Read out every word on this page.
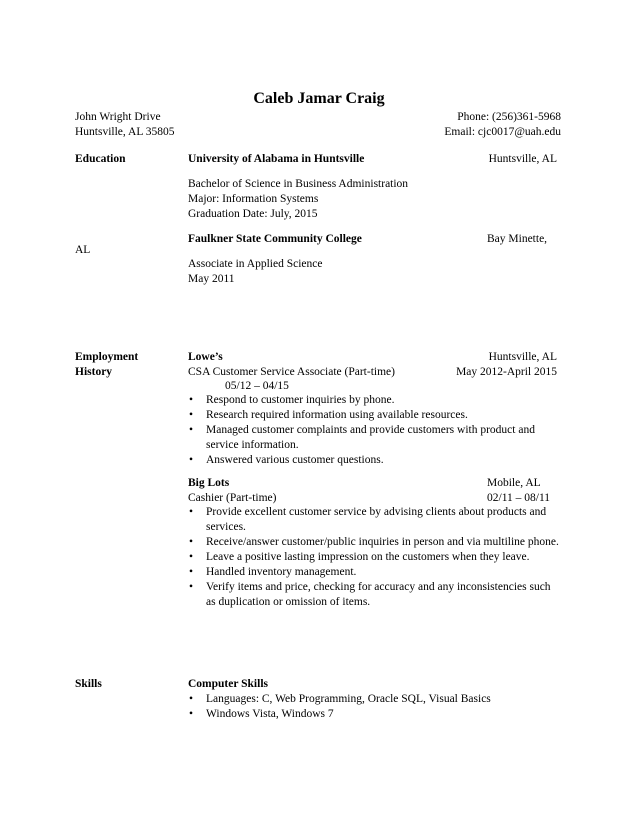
Caleb Jamar Craig
John Wright Drive
Huntsville, AL 35805
Phone: (256)361-5968
Email: cjc0017@uah.edu
Education	University of Alabama in Huntsville	Huntsville, AL
Bachelor of Science in Business Administration
Major: Information Systems
Graduation Date: July, 2015
Faulkner State Community College	Bay Minette,
AL
Associate in Applied Science
May 2011
Employment
History
Lowe’s	Huntsville, AL
CSA Customer Service Associate (Part-time)	May 2012-April 2015
05/12 – 04/15
• Respond to customer inquiries by phone.
• Research required information using available resources.
• Managed customer complaints and provide customers with product and
service information.
• Answered various customer questions.
Big Lots	Mobile, AL
Cashier (Part-time)	02/11 – 08/11
• Provide excellent customer service by advising clients about products and
services.
• Receive/answer customer/public inquiries in person and via multiline phone.
• Leave a positive lasting impression on the customers when they leave.
• Handled inventory management.
• Verify items and price, checking for accuracy and any inconsistencies such
as duplication or omission of items.
Skills	Computer Skills
• Languages: C, Web Programming, Oracle SQL, Visual Basics
• Windows Vista, Windows 7
